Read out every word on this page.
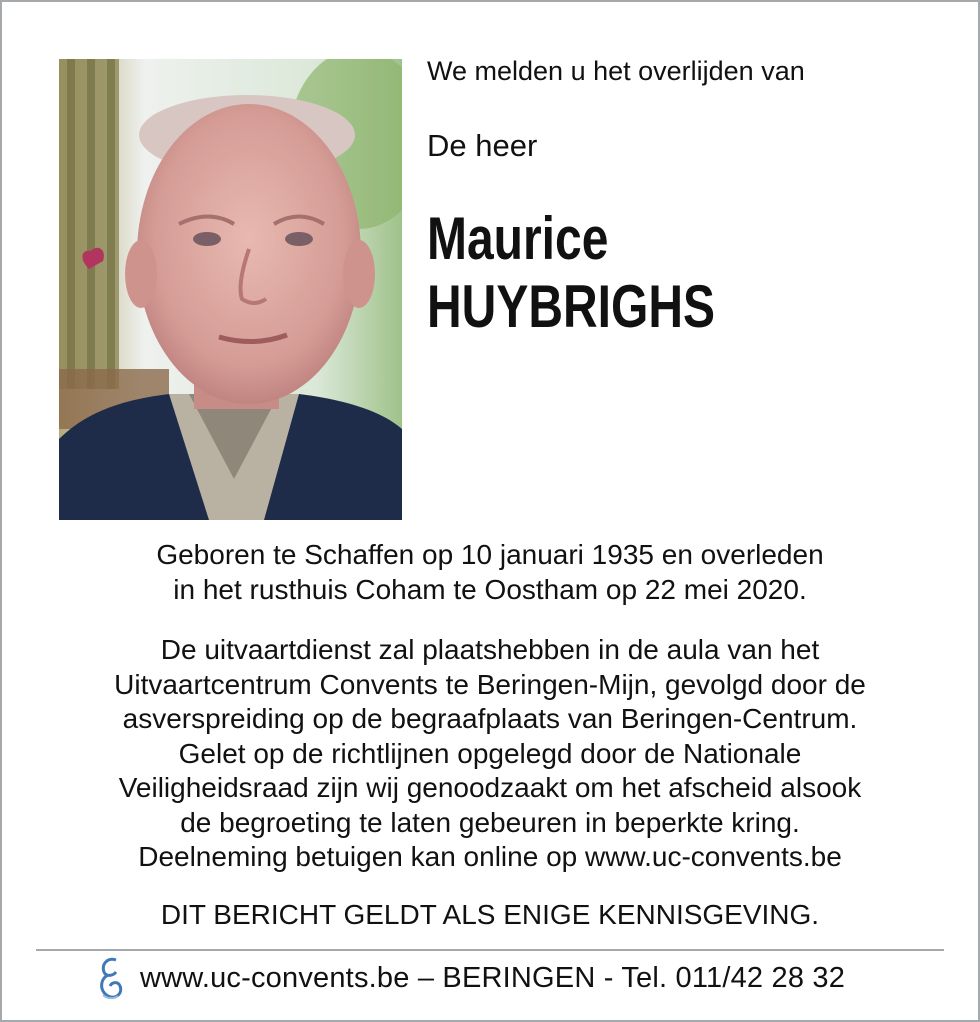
We melden u het overlijden van

De heer

Maurice
HUYBRIGHS

Geboren te Schaffen op 10 januari 1935 en overleden
in het rusthuis Coham te Oostham op 22 mei 2020.

De uitvaartdienst zal plaatshebben in de aula van het
Uitvaartcentrum Convents te Beringen-Mijn, gevolgd door de
asverspreiding op de begraafplaats van Beringen-Centrum.
Gelet op de richtlijnen opgelegd door de Nationale
Veiligheidsraad zijn wij genoodzaakt om het afscheid alsook
de begroeting te laten gebeuren in beperkte kring.
Deelneming betuigen kan online op www.uc-convents.be

DIT BERICHT GELDT ALS ENIGE KENNISGEVING.

www.uc-convents.be – BERINGEN - Tel. 011/42 28 32
